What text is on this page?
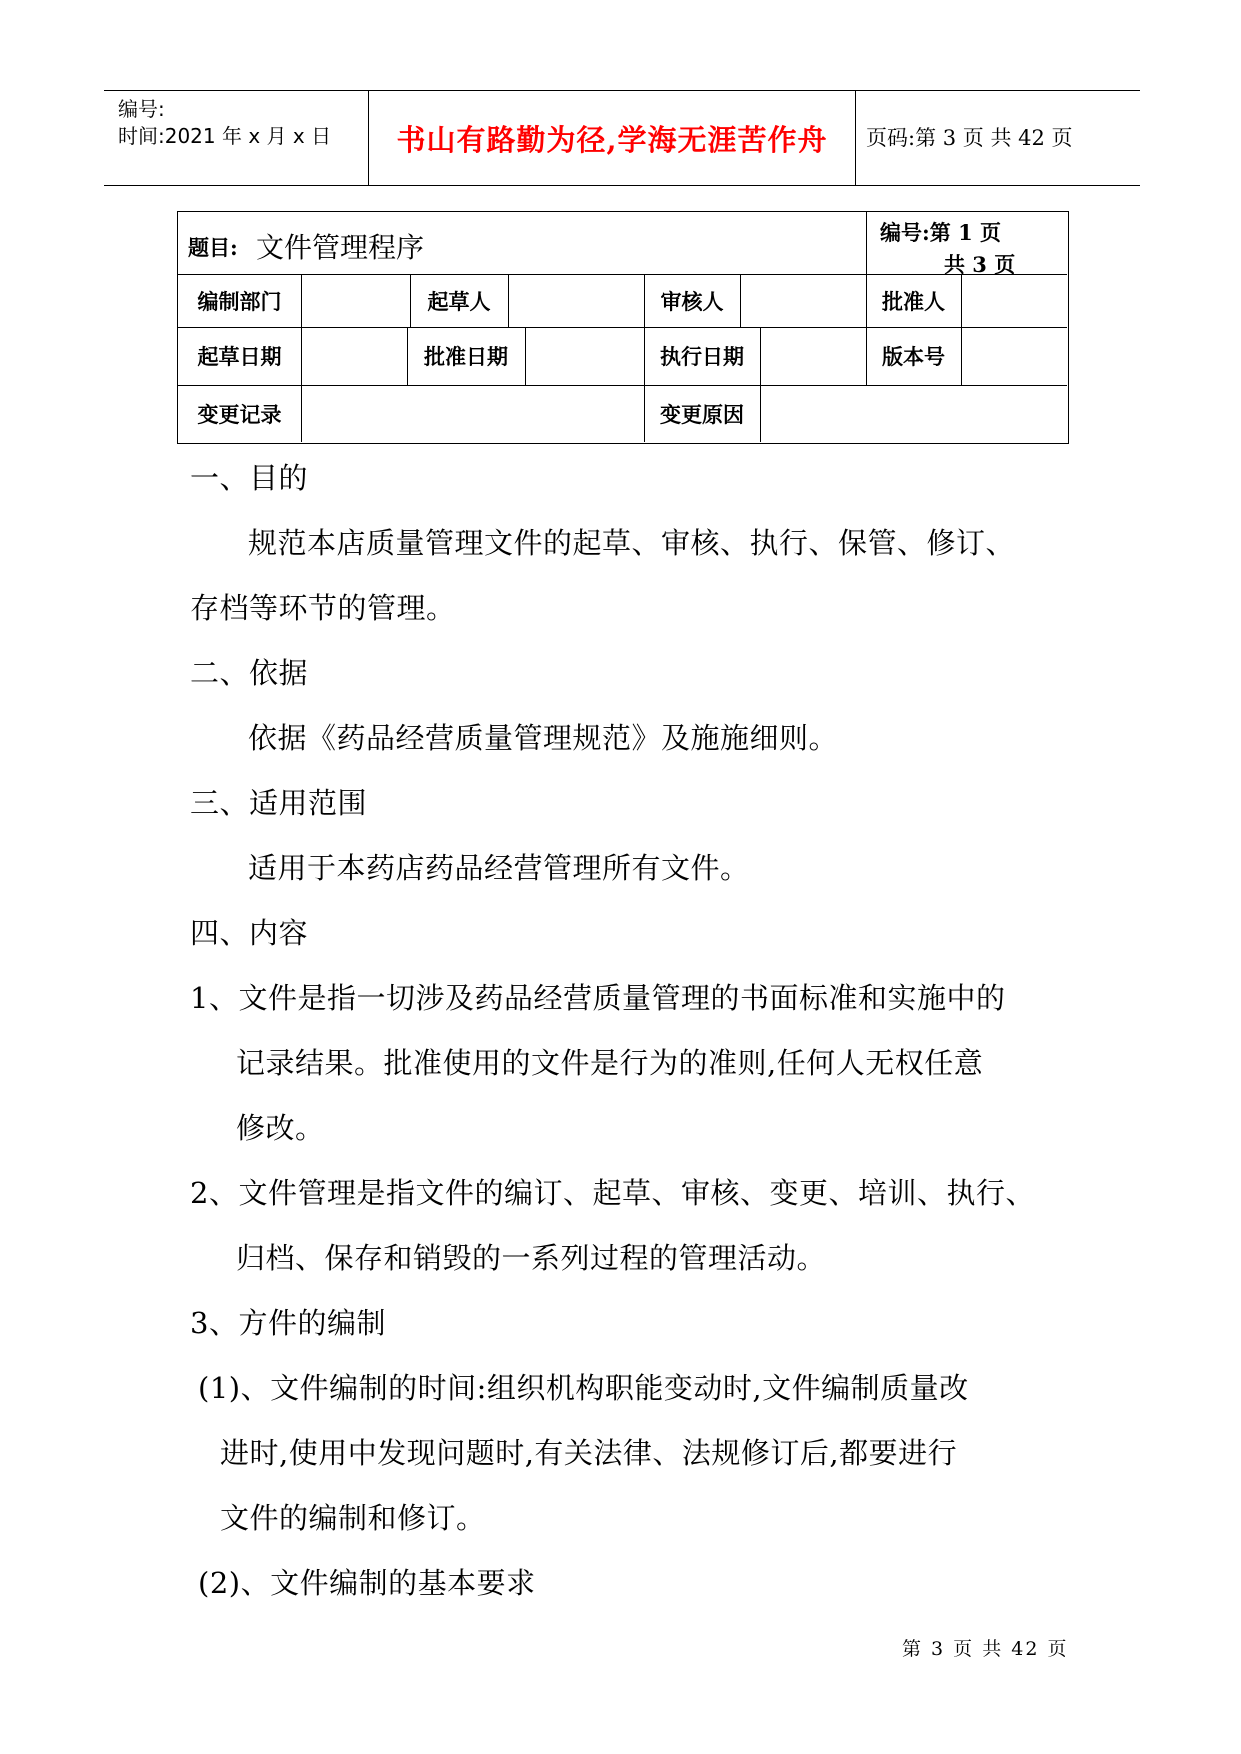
编号:
时间:2021 年 x 月 x 日	书山有路勤为径,学海无涯苦作舟	页码:第 3 页 共 42 页
题目: 文件管理程序	编号:第 1 页
共 3 页
编制部门	起草人	审核人	批准人
起草日期	批准日期	执行日期	版本号
变更记录	变更原因
一、目的
规范本店质量管理文件的起草、审核、执行、保管、修订、
存档等环节的管理。
二、依据
依据《药品经营质量管理规范》及施施细则。
三、适用范围
适用于本药店药品经营管理所有文件。
四、内容
1、文件是指一切涉及药品经营质量管理的书面标准和实施中的
记录结果。批准使用的文件是行为的准则,任何人无权任意
修改。
2、文件管理是指文件的编订、起草、审核、变更、培训、执行、
归档、保存和销毁的一系列过程的管理活动。
3、方件的编制
(1)、文件编制的时间:组织机构职能变动时,文件编制质量改
进时,使用中发现问题时,有关法律、法规修订后,都要进行
文件的编制和修订。
(2)、文件编制的基本要求
第 3 页 共 42 页
